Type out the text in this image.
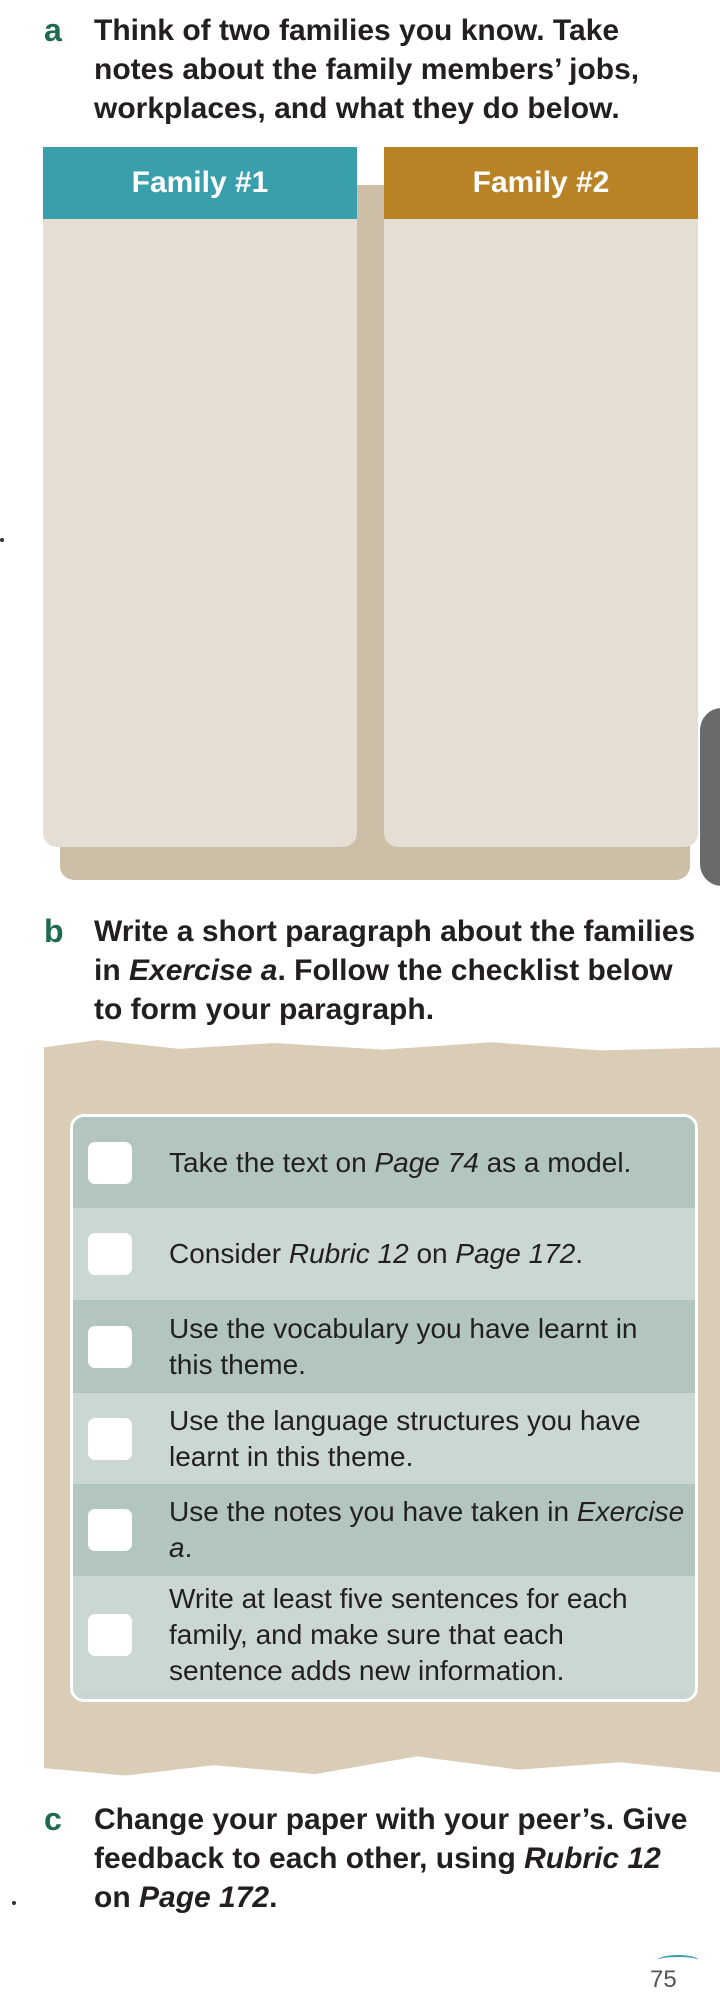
a	Think of two families you know. Take notes about the family members’ jobs, workplaces, and what they do below.
Family #1	Family #2
b	Write a short paragraph about the families in Exercise a. Follow the checklist below to form your paragraph.
Take the text on Page 74 as a model.
Consider Rubric 12 on Page 172.
Use the vocabulary you have learnt in this theme.
Use the language structures you have learnt in this theme.
Use the notes you have taken in Exercise a.
Write at least five sentences for each family, and make sure that each sentence adds new information.
c	Change your paper with your peer’s. Give feedback to each other, using Rubric 12 on Page 172.
75
